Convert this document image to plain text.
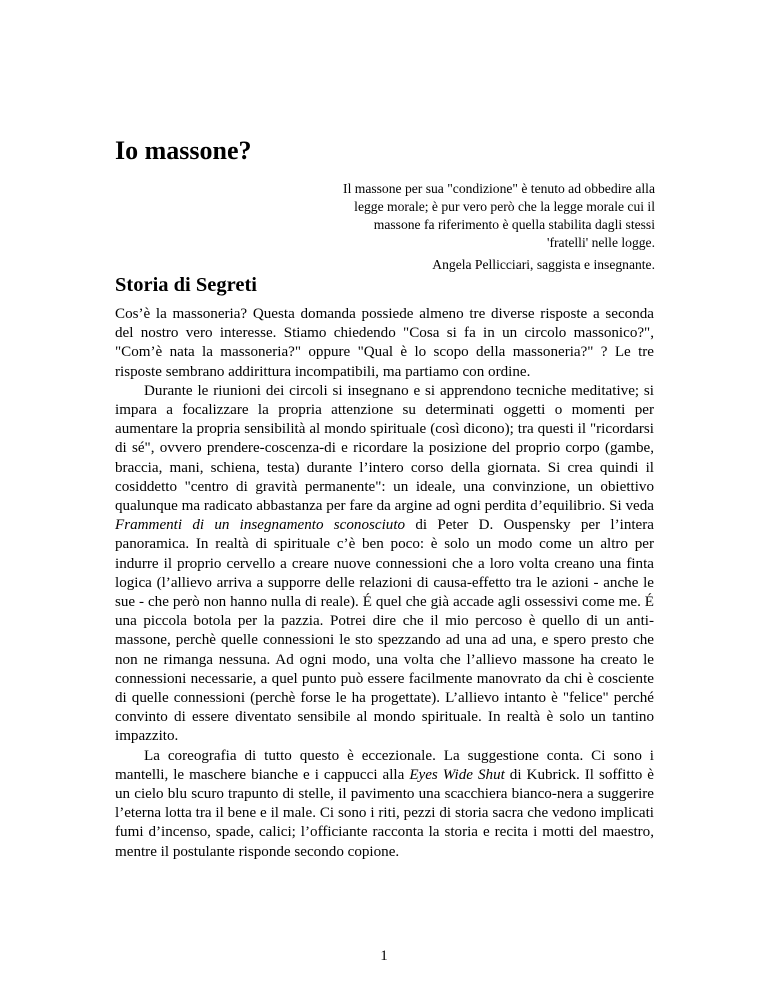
Io massone?

Il massone per sua "condizione" è tenuto ad obbedire alla legge morale; è pur vero però che la legge morale cui il massone fa riferimento è quella stabilita dagli stessi 'fratelli' nelle logge.

Angela Pellicciari, saggista e insegnante.

Storia di Segreti

Cos’è la massoneria? Questa domanda possiede almeno tre diverse risposte a seconda del nostro vero interesse. Stiamo chiedendo "Cosa si fa in un circolo massonico?", "Com’è nata la massoneria?" oppure "Qual è lo scopo della massoneria?" ? Le tre risposte sembrano addirittura incompatibili, ma partiamo con ordine.

Durante le riunioni dei circoli si insegnano e si apprendono tecniche meditative; si impara a focalizzare la propria attenzione su determinati oggetti o momenti per aumentare la propria sensibilità al mondo spirituale (così dicono); tra questi il "ricordarsi di sé", ovvero prendere-coscenza-di e ricordare la posizione del proprio corpo (gambe, braccia, mani, schiena, testa) durante l’intero corso della giornata. Si crea quindi il cosiddetto "centro di gravità permanente": un ideale, una convinzione, un obiettivo qualunque ma radicato abbastanza per fare da argine ad ogni perdita d’equilibrio. Si veda Frammenti di un insegnamento sconosciuto di Peter D. Ouspensky per l’intera panoramica. In realtà di spirituale c’è ben poco: è solo un modo come un altro per indurre il proprio cervello a creare nuove connessioni che a loro volta creano una finta logica (l’allievo arriva a supporre delle relazioni di causa-effetto tra le azioni - anche le sue - che però non hanno nulla di reale). É quel che già accade agli ossessivi come me. É una piccola botola per la pazzia. Potrei dire che il mio percoso è quello di un anti-massone, perchè quelle connessioni le sto spezzando ad una ad una, e spero presto che non ne rimanga nessuna. Ad ogni modo, una volta che l’allievo massone ha creato le connessioni necessarie, a quel punto può essere facilmente manovrato da chi è cosciente di quelle connessioni (perchè forse le ha progettate). L’allievo intanto è "felice" perché convinto di essere diventato sensibile al mondo spirituale. In realtà è solo un tantino impazzito.

La coreografia di tutto questo è eccezionale. La suggestione conta. Ci sono i mantelli, le maschere bianche e i cappucci alla Eyes Wide Shut di Kubrick. Il soffitto è un cielo blu scuro trapunto di stelle, il pavimento una scacchiera bianco-nera a suggerire l’eterna lotta tra il bene e il male. Ci sono i riti, pezzi di storia sacra che vedono implicati fumi d’incenso, spade, calici; l’officiante racconta la storia e recita i motti del maestro, mentre il postulante risponde secondo copione.

1
